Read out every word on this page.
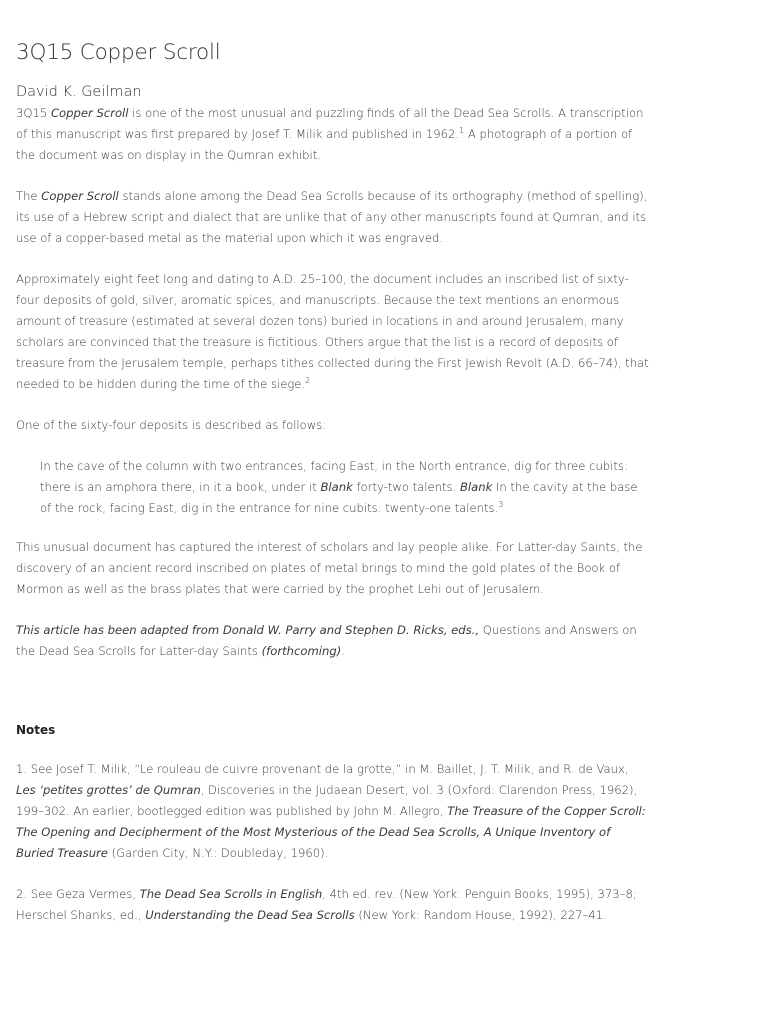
3Q15 Copper Scroll
David K. Geilman

3Q15 Copper Scroll is one of the most unusual and puzzling finds of all the Dead Sea Scrolls. A transcription of this manuscript was first prepared by Josef T. Milik and published in 1962.$^1$ A photograph of a portion of the document was on display in the Qumran exhibit.

The Copper Scroll stands alone among the Dead Sea Scrolls because of its orthography (method of spelling), its use of a Hebrew script and dialect that are unlike that of any other manuscripts found at Qumran, and its use of a copper-based metal as the material upon which it was engraved.

Approximately eight feet long and dating to A.D. 25–100, the document includes an inscribed list of sixty-four deposits of gold, silver, aromatic spices, and manuscripts. Because the text mentions an enormous amount of treasure (estimated at several dozen tons) buried in locations in and around Jerusalem, many scholars are convinced that the treasure is fictitious. Others argue that the list is a record of deposits of treasure from the Jerusalem temple, perhaps tithes collected during the First Jewish Revolt (A.D. 66–74), that needed to be hidden during the time of the siege.$^2$

One of the sixty-four deposits is described as follows:

In the cave of the column with two entrances, facing East, in the North entrance, dig for three cubits: there is an amphora there, in it a book, under it Blank forty-two talents. Blank In the cavity at the base of the rock, facing East, dig in the entrance for nine cubits: twenty-one talents.$^3$

This unusual document has captured the interest of scholars and lay people alike. For Latter-day Saints, the discovery of an ancient record inscribed on plates of metal brings to mind the gold plates of the Book of Mormon as well as the brass plates that were carried by the prophet Lehi out of Jerusalem.

This article has been adapted from Donald W. Parry and Stephen D. Ricks, eds., Questions and Answers on the Dead Sea Scrolls for Latter-day Saints (forthcoming).

Notes
1. See Josef T. Milik, “Le rouleau de cuivre provenant de la grotte,” in M. Baillet, J. T. Milik, and R. de Vaux, Les ‘petites grottes’ de Qumran, Discoveries in the Judaean Desert, vol. 3 (Oxford: Clarendon Press, 1962), 199–302. An earlier, bootlegged edition was published by John M. Allegro, The Treasure of the Copper Scroll: The Opening and Decipherment of the Most Mysterious of the Dead Sea Scrolls, A Unique Inventory of Buried Treasure (Garden City, N.Y.: Doubleday, 1960).
2. See Geza Vermes, The Dead Sea Scrolls in English, 4th ed. rev. (New York: Penguin Books, 1995), 373–8; Herschel Shanks, ed., Understanding the Dead Sea Scrolls (New York: Random House, 1992), 227–41.
